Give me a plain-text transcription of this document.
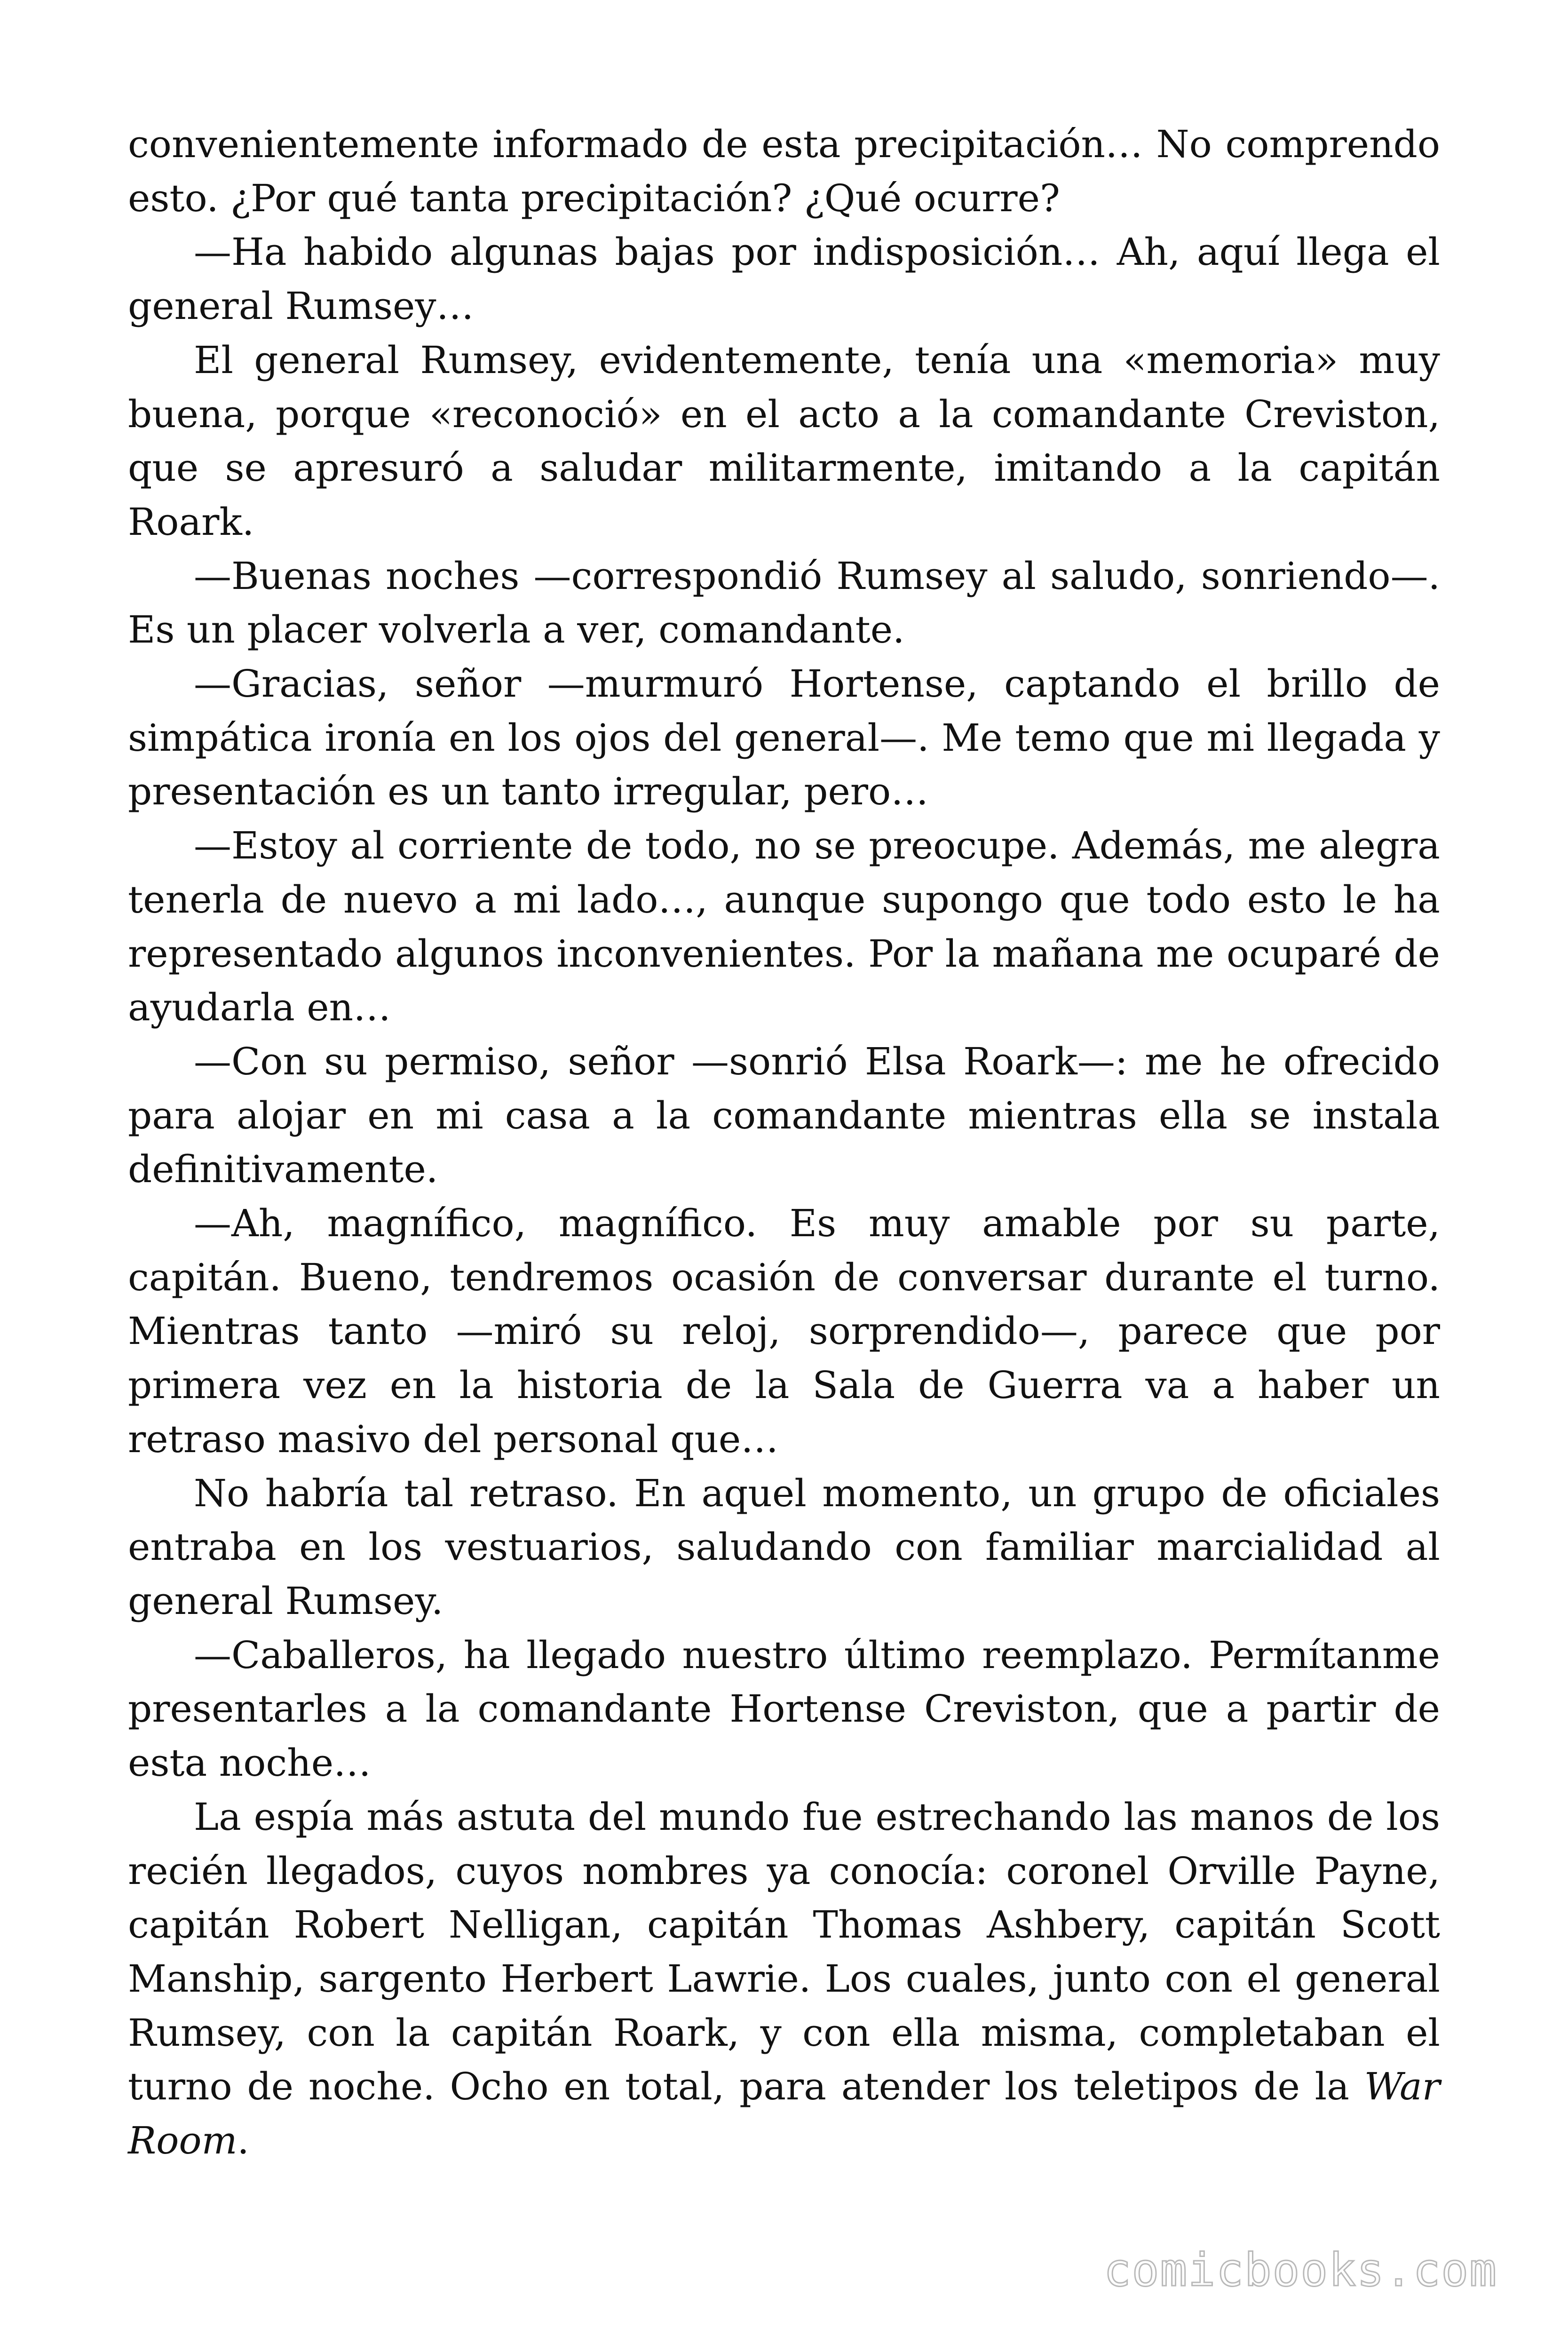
convenientemente informado de esta precipitación… No comprendo esto. ¿Por qué tanta precipitación? ¿Qué ocurre?

—Ha habido algunas bajas por indisposición… Ah, aquí llega el general Rumsey…

El general Rumsey, evidentemente, tenía una «memoria» muy buena, porque «reconoció» en el acto a la comandante Creviston, que se apresuró a saludar militarmente, imitando a la capitán Roark.

—Buenas noches —correspondió Rumsey al saludo, sonriendo—. Es un placer volverla a ver, comandante.

—Gracias, señor —murmuró Hortense, captando el brillo de simpática ironía en los ojos del general—. Me temo que mi llegada y presentación es un tanto irregular, pero…

—Estoy al corriente de todo, no se preocupe. Además, me alegra tenerla de nuevo a mi lado…, aunque supongo que todo esto le ha representado algunos inconvenientes. Por la mañana me ocuparé de ayudarla en…

—Con su permiso, señor —sonrió Elsa Roark—: me he ofrecido para alojar en mi casa a la comandante mientras ella se instala definitivamente.

—Ah, magnífico, magnífico. Es muy amable por su parte, capitán. Bueno, tendremos ocasión de conversar durante el turno. Mientras tanto —miró su reloj, sorprendido—, parece que por primera vez en la historia de la Sala de Guerra va a haber un retraso masivo del personal que…

No habría tal retraso. En aquel momento, un grupo de oficiales entraba en los vestuarios, saludando con familiar marcialidad al general Rumsey.

—Caballeros, ha llegado nuestro último reemplazo. Permítanme presentarles a la comandante Hortense Creviston, que a partir de esta noche…

La espía más astuta del mundo fue estrechando las manos de los recién llegados, cuyos nombres ya conocía: coronel Orville Payne, capitán Robert Nelligan, capitán Thomas Ashbery, capitán Scott Manship, sargento Herbert Lawrie. Los cuales, junto con el general Rumsey, con la capitán Roark, y con ella misma, completaban el turno de noche. Ocho en total, para atender los teletipos de la War Room.

comicbooks.com
